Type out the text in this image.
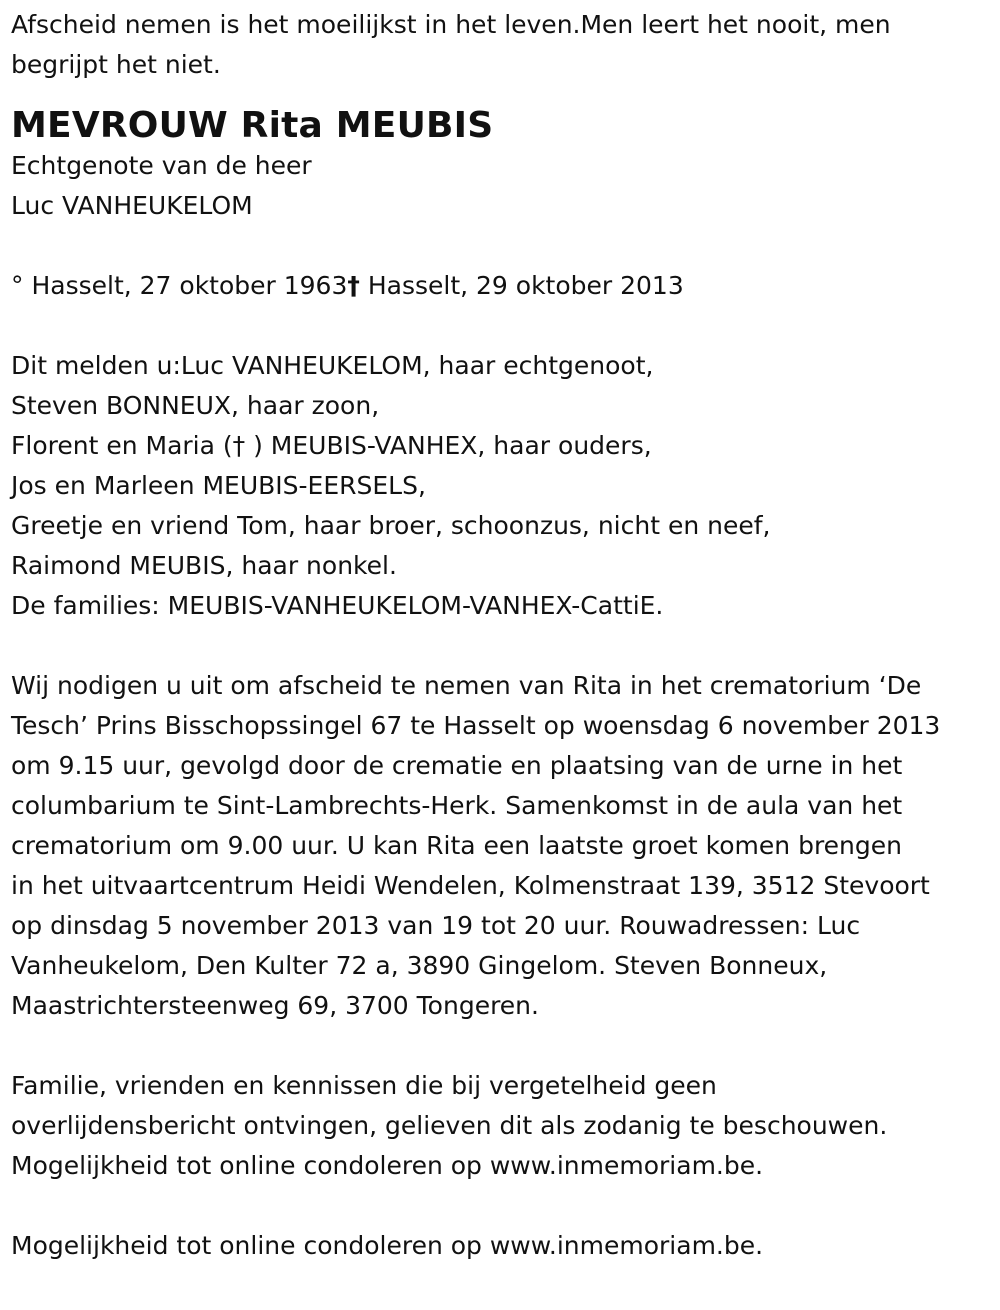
Afscheid nemen is het moeilijkst in het leven.Men leert het nooit, men

begrijpt het niet.

MEVROUW Rita MEUBIS

Echtgenote van de heer

Luc VANHEUKELOM

° Hasselt, 27 oktober 1963† Hasselt, 29 oktober 2013

Dit melden u:Luc VANHEUKELOM, haar echtgenoot,

Steven BONNEUX, haar zoon,

Florent en Maria († ) MEUBIS-VANHEX, haar ouders,

Jos en Marleen MEUBIS-EERSELS,

Greetje en vriend Tom, haar broer, schoonzus, nicht en neef,

Raimond MEUBIS, haar nonkel.

De families: MEUBIS-VANHEUKELOM-VANHEX-CattiE.

Wij nodigen u uit om afscheid te nemen van Rita in het crematorium ‘De

Tesch’ Prins Bisschopssingel 67 te Hasselt op woensdag 6 november 2013

om 9.15 uur, gevolgd door de crematie en plaatsing van de urne in het

columbarium te Sint-Lambrechts-Herk. Samenkomst in de aula van het

crematorium om 9.00 uur. U kan Rita een laatste groet komen brengen

in het uitvaartcentrum Heidi Wendelen, Kolmenstraat 139, 3512 Stevoort

op dinsdag 5 november 2013 van 19 tot 20 uur. Rouwadressen: Luc

Vanheukelom, Den Kulter 72 a, 3890 Gingelom. Steven Bonneux,

Maastrichtersteenweg 69, 3700 Tongeren.

Familie, vrienden en kennissen die bij vergetelheid geen

overlijdensbericht ontvingen, gelieven dit als zodanig te beschouwen.

Mogelijkheid tot online condoleren op www.inmemoriam.be.

Mogelijkheid tot online condoleren op www.inmemoriam.be.
